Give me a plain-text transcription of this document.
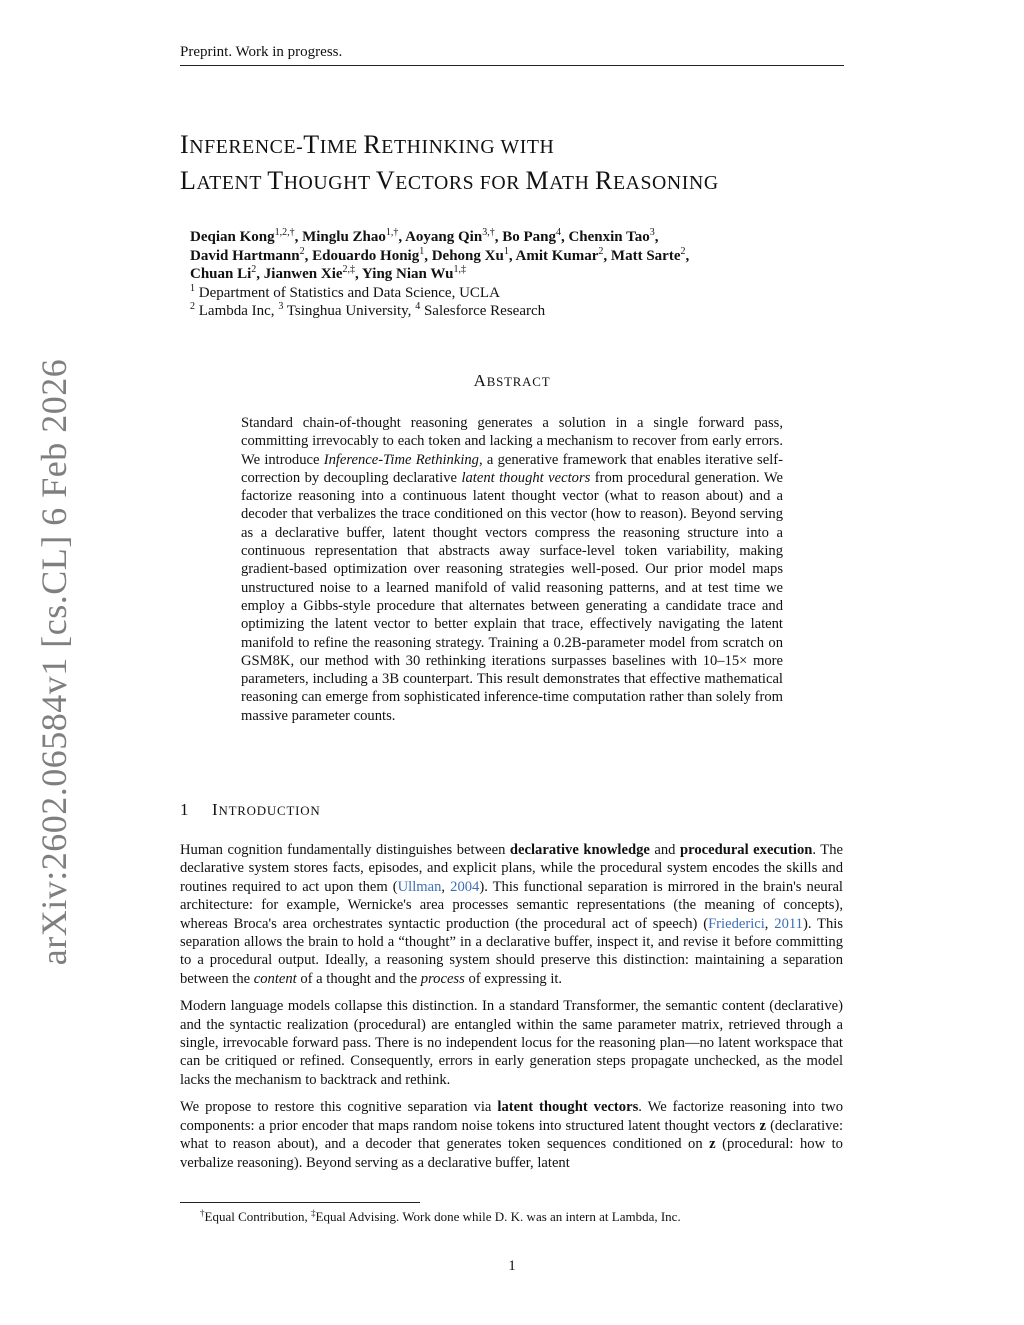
Preprint. Work in progress.
arXiv:2602.06584v1 [cs.CL] 6 Feb 2026
INFERENCE-TIME RETHINKING WITH
LATENT THOUGHT VECTORS FOR MATH REASONING
Deqian Kong$^{1,2,\dagger}$, Minglu Zhao$^{1,\dagger}$, Aoyang Qin$^{3,\dagger}$, Bo Pang$^4$, Chenxin Tao$^3$,
David Hartmann$^2$, Edouardo Honig$^1$, Dehong Xu$^1$, Amit Kumar$^2$, Matt Sarte$^2$,
Chuan Li$^2$, Jianwen Xie$^{2,\ddagger}$, Ying Nian $Wu^{1,\ddagger}$
$^1$ Department of Statistics and Data Science, UCLA
$^2$ Lambda Inc, $^3$ Tsinghua University, $^4$ Salesforce Research
ABSTRACT
Standard chain-of-thought reasoning generates a solution in a single forward pass, committing irrevocably to each token and lacking a mechanism to recover from early errors. We introduce Inference-Time Rethinking, a generative framework that enables iterative self-correction by decoupling declarative latent thought vectors from procedural generation. We factorize reasoning into a continuous latent thought vector (what to reason about) and a decoder that verbalizes the trace conditioned on this vector (how to reason). Beyond serving as a declarative buffer, latent thought vectors compress the reasoning structure into a continuous representation that abstracts away surface-level token variability, making gradient-based optimization over reasoning strategies well-posed. Our prior model maps unstructured noise to a learned manifold of valid reasoning patterns, and at test time we employ a Gibbs-style procedure that alternates between generating a candidate trace and optimizing the latent vector to better explain that trace, effectively navigating the latent manifold to refine the reasoning strategy. Training a 0.2B-parameter model from scratch on GSM8K, our method with 30 rethinking iterations surpasses baselines with 10–15× more parameters, including a 3B counterpart. This result demonstrates that effective mathematical reasoning can emerge from sophisticated inference-time computation rather than solely from massive parameter counts.
1 INTRODUCTION

Human cognition fundamentally distinguishes between declarative knowledge and procedural execution. The declarative system stores facts, episodes, and explicit plans, while the procedural system encodes the skills and routines required to act upon them (Ullman, 2004). This functional separation is mirrored in the brain's neural architecture: for example, Wernicke's area processes semantic representations (the meaning of concepts), whereas Broca's area orchestrates syntactic production (the procedural act of speech) (Friederici, 2011). This separation allows the brain to hold a “thought” in a declarative buffer, inspect it, and revise it before committing to a procedural output. Ideally, a reasoning system should preserve this distinction: maintaining a separation between the content of a thought and the process of expressing it.

Modern language models collapse this distinction. In a standard Transformer, the semantic content (declarative) and the syntactic realization (procedural) are entangled within the same parameter matrix, retrieved through a single, irrevocable forward pass. There is no independent locus for the reasoning plan—no latent workspace that can be critiqued or refined. Consequently, errors in early generation steps propagate unchecked, as the model lacks the mechanism to backtrack and rethink.

We propose to restore this cognitive separation via latent thought vectors. We factorize reasoning into two components: a prior encoder that maps random noise tokens into structured latent thought vectors z (declarative: what to reason about), and a decoder that generates token sequences conditioned on z (procedural: how to verbalize reasoning). Beyond serving as a declarative buffer, latent

†Equal Contribution, ‡Equal Advising. Work done while D. K. was an intern at Lambda, Inc.
1
